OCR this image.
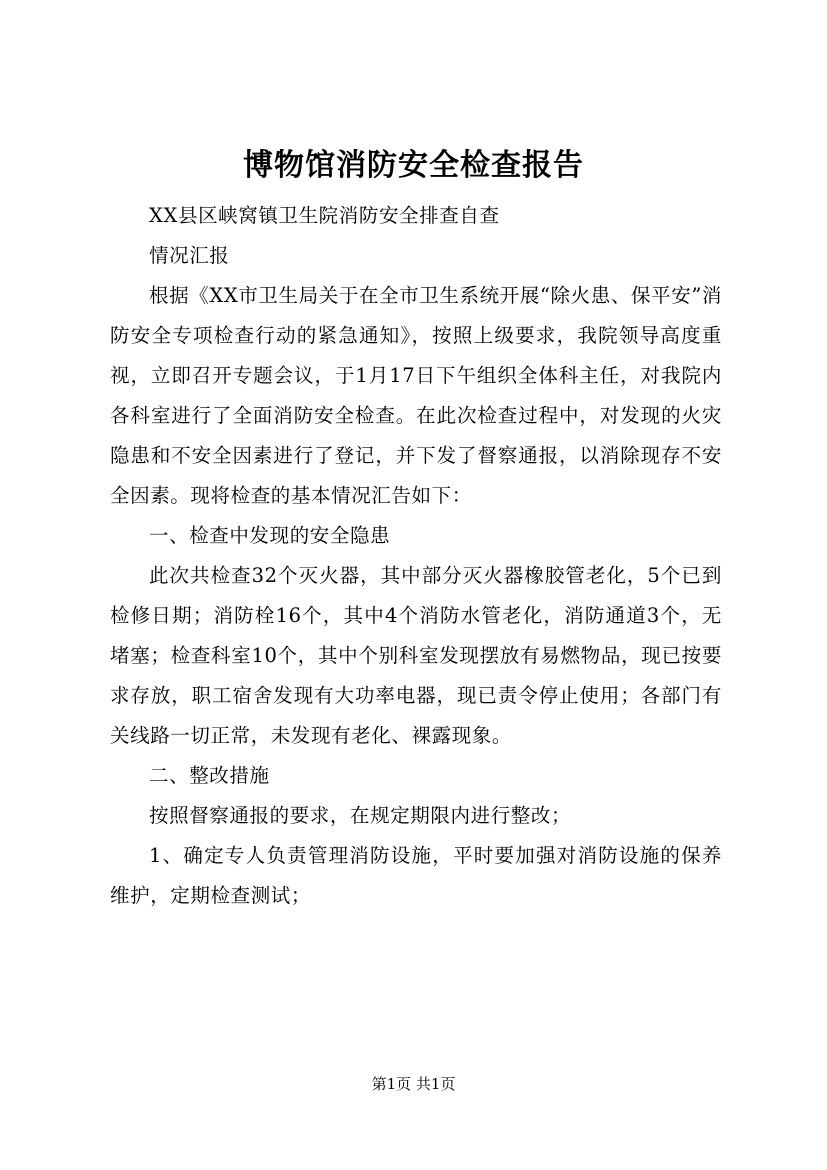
博物馆消防安全检查报告

XX县区峡窝镇卫生院消防安全排查自查

情况汇报

根据《XX市卫生局关于在全市卫生系统开展“除火患、保平安”消防安全专项检查行动的紧急通知》，按照上级要求，我院领导高度重视，立即召开专题会议，于1月17日下午组织全体科主任，对我院内各科室进行了全面消防安全检查。在此次检查过程中，对发现的火灾隐患和不安全因素进行了登记，并下发了督察通报，以消除现存不安全因素。现将检查的基本情况汇告如下：

一、检查中发现的安全隐患

此次共检查32个灭火器，其中部分灭火器橡胶管老化，5个已到检修日期；消防栓16个，其中4个消防水管老化，消防通道3个，无堵塞；检查科室10个，其中个别科室发现摆放有易燃物品，现已按要求存放，职工宿舍发现有大功率电器，现已责令停止使用；各部门有关线路一切正常，未发现有老化、裸露现象。

二、整改措施

按照督察通报的要求，在规定期限内进行整改；

1、确定专人负责管理消防设施，平时要加强对消防设施的保养维护，定期检查测试；

第1页 共1页
